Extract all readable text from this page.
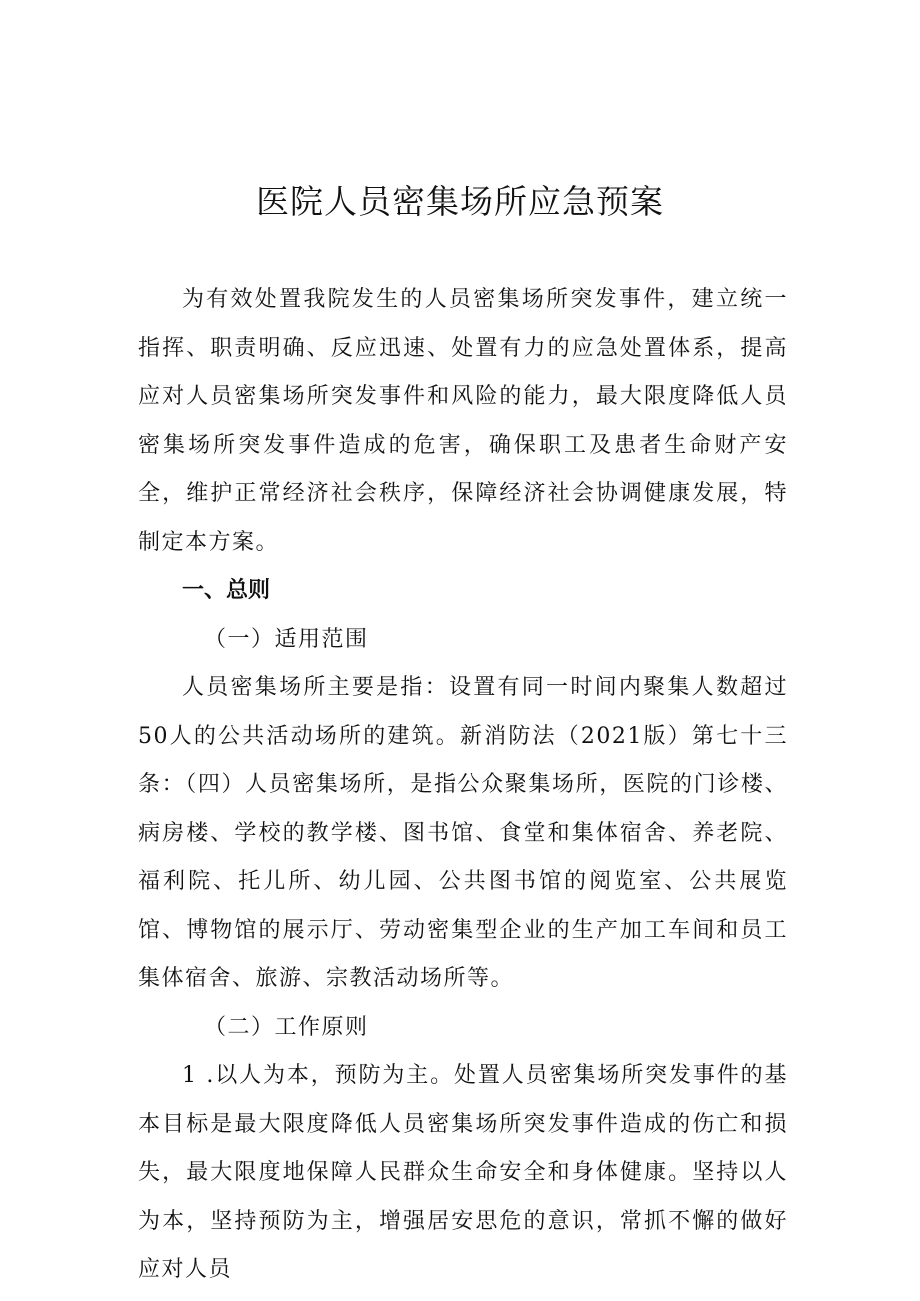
医院人员密集场所应急预案

为有效处置我院发生的人员密集场所突发事件，建立统一指挥、职责明确、反应迅速、处置有力的应急处置体系，提高应对人员密集场所突发事件和风险的能力，最大限度降低人员密集场所突发事件造成的危害，确保职工及患者生命财产安全，维护正常经济社会秩序，保障经济社会协调健康发展，特制定本方案。

一、总则

（一）适用范围

人员密集场所主要是指：设置有同一时间内聚集人数超过50人的公共活动场所的建筑。新消防法（2021版）第七十三条：（四）人员密集场所，是指公众聚集场所，医院的门诊楼、病房楼、学校的教学楼、图书馆、食堂和集体宿舍、养老院、福利院、托儿所、幼儿园、公共图书馆的阅览室、公共展览馆、博物馆的展示厅、劳动密集型企业的生产加工车间和员工集体宿舍、旅游、宗教活动场所等。

（二）工作原则

1 .以人为本，预防为主。处置人员密集场所突发事件的基本目标是最大限度降低人员密集场所突发事件造成的伤亡和损失，最大限度地保障人民群众生命安全和身体健康。坚持以人为本，坚持预防为主，增强居安思危的意识，常抓不懈的做好应对人员
